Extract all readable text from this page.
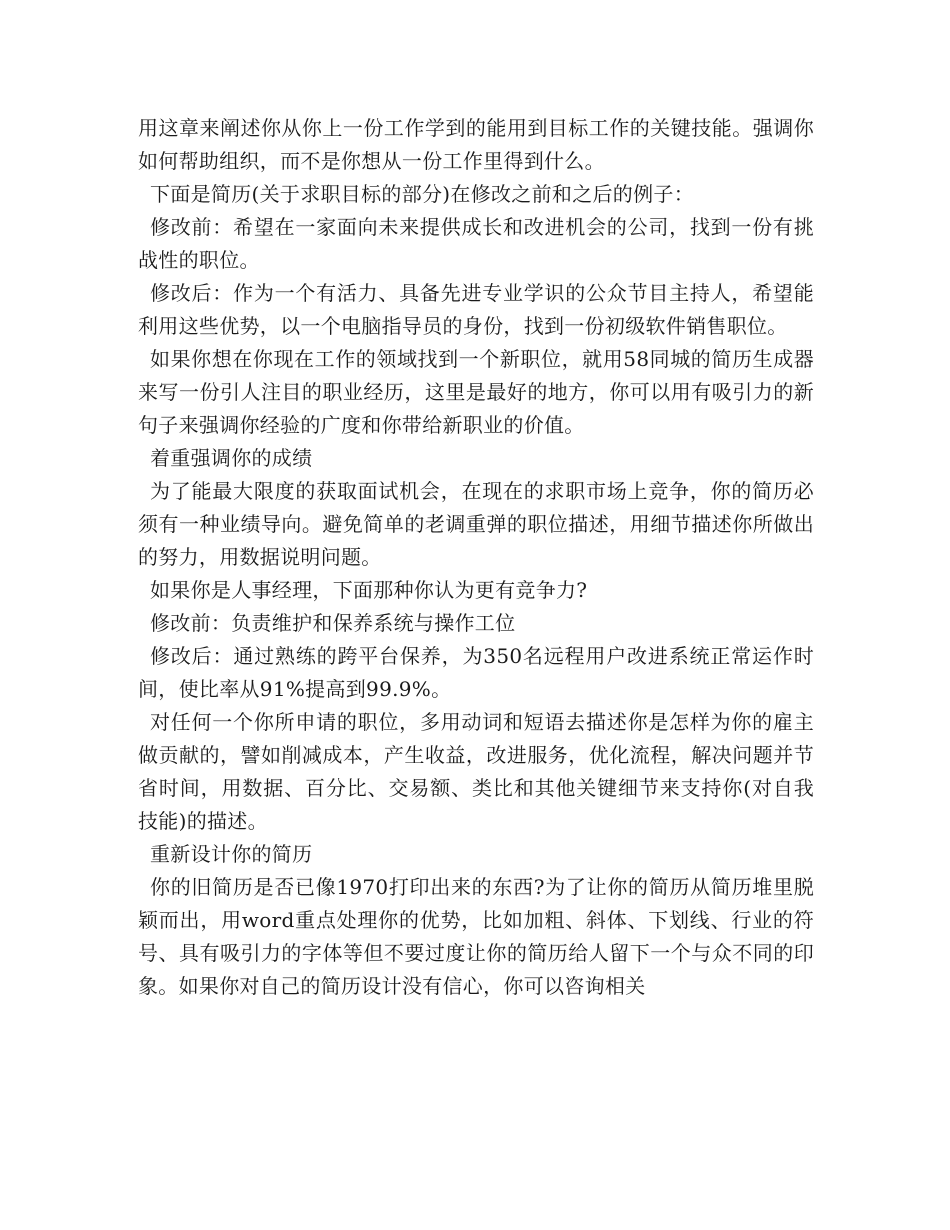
用这章来阐述你从你上一份工作学到的能用到目标工作的关键技能。强调你如何帮助组织，而不是你想从一份工作里得到什么。

下面是简历(关于求职目标的部分)在修改之前和之后的例子：

修改前：希望在一家面向未来提供成长和改进机会的公司，找到一份有挑战性的职位。

修改后：作为一个有活力、具备先进专业学识的公众节目主持人，希望能利用这些优势，以一个电脑指导员的身份，找到一份初级软件销售职位。

如果你想在你现在工作的领域找到一个新职位，就用58同城的简历生成器来写一份引人注目的职业经历，这里是最好的地方，你可以用有吸引力的新句子来强调你经验的广度和你带给新职业的价值。

着重强调你的成绩

为了能最大限度的获取面试机会，在现在的求职市场上竞争，你的简历必须有一种业绩导向。避免简单的老调重弹的职位描述，用细节描述你所做出的努力，用数据说明问题。

如果你是人事经理，下面那种你认为更有竞争力?

修改前：负责维护和保养系统与操作工位

修改后：通过熟练的跨平台保养，为350名远程用户改进系统正常运作时间，使比率从91%提高到99.9%。

对任何一个你所申请的职位，多用动词和短语去描述你是怎样为你的雇主做贡献的，譬如削减成本，产生收益，改进服务，优化流程，解决问题并节省时间，用数据、百分比、交易额、类比和其他关键细节来支持你(对自我技能)的描述。

重新设计你的简历

你的旧简历是否已像1970打印出来的东西?为了让你的简历从简历堆里脱颖而出，用word重点处理你的优势，比如加粗、斜体、下划线、行业的符号、具有吸引力的字体等但不要过度让你的简历给人留下一个与众不同的印象。如果你对自己的简历设计没有信心，你可以咨询相关
